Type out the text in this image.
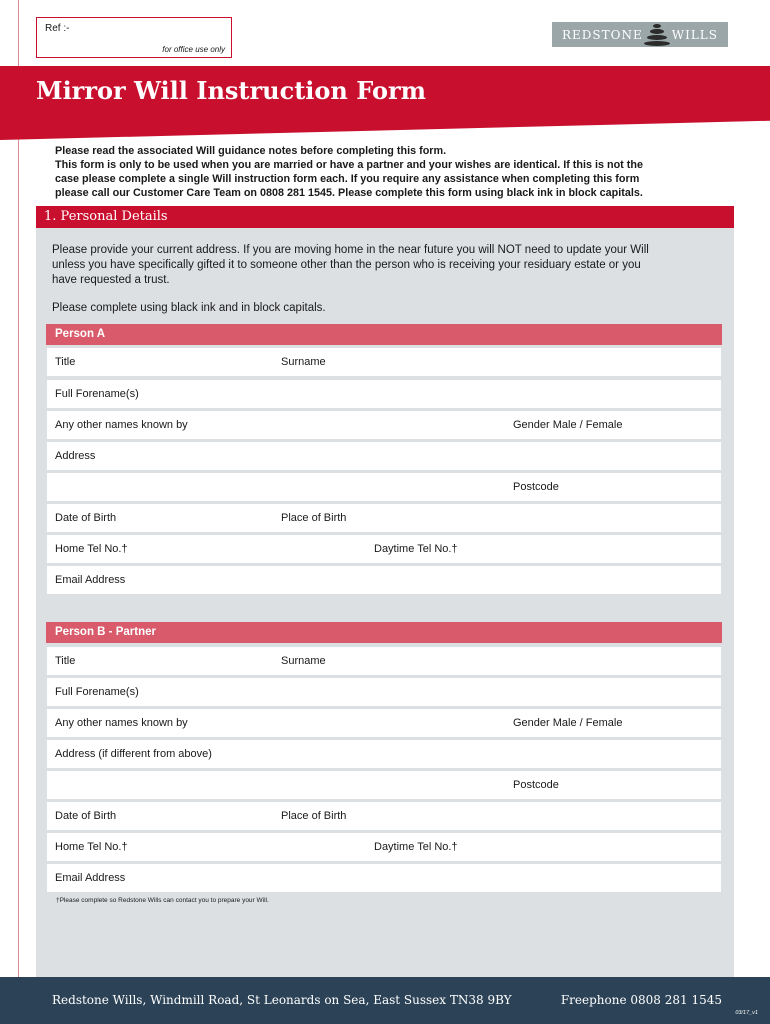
Ref :-
for office use only
REDSTONE WILLS
Mirror Will Instruction Form

Please read the associated Will guidance notes before completing this form.

This form is only to be used when you are married or have a partner and your wishes are identical. If this is not the

case please complete a single Will instruction form each. If you require any assistance when completing this form

please call our Customer Care Team on 0808 281 1545. Please complete this form using black ink in block capitals.

1. Personal Details

Please provide your current address. If you are moving home in the near future you will NOT need to update your Will

unless you have specifically gifted it to someone other than the person who is receiving your residuary estate or you

have requested a trust.

Please complete using black ink and in block capitals.

Person A
Title	Surname
Full Forename(s)
Any other names known by	Gender Male / Female
Address
Postcode
Date of Birth	Place of Birth
Home Tel No.†	Daytime Tel No.†
Email Address
Person B - Partner
Title	Surname
Full Forename(s)
Any other names known by	Gender Male / Female
Address (if different from above)
Postcode
Date of Birth	Place of Birth
Home Tel No.†	Daytime Tel No.†
Email Address
†Please complete so Redstone Wills can contact you to prepare your Will.
Redstone Wills, Windmill Road, St Leonards on Sea, East Sussex TN38 9BY	Freephone 0808 281 1545
03/17_v1
